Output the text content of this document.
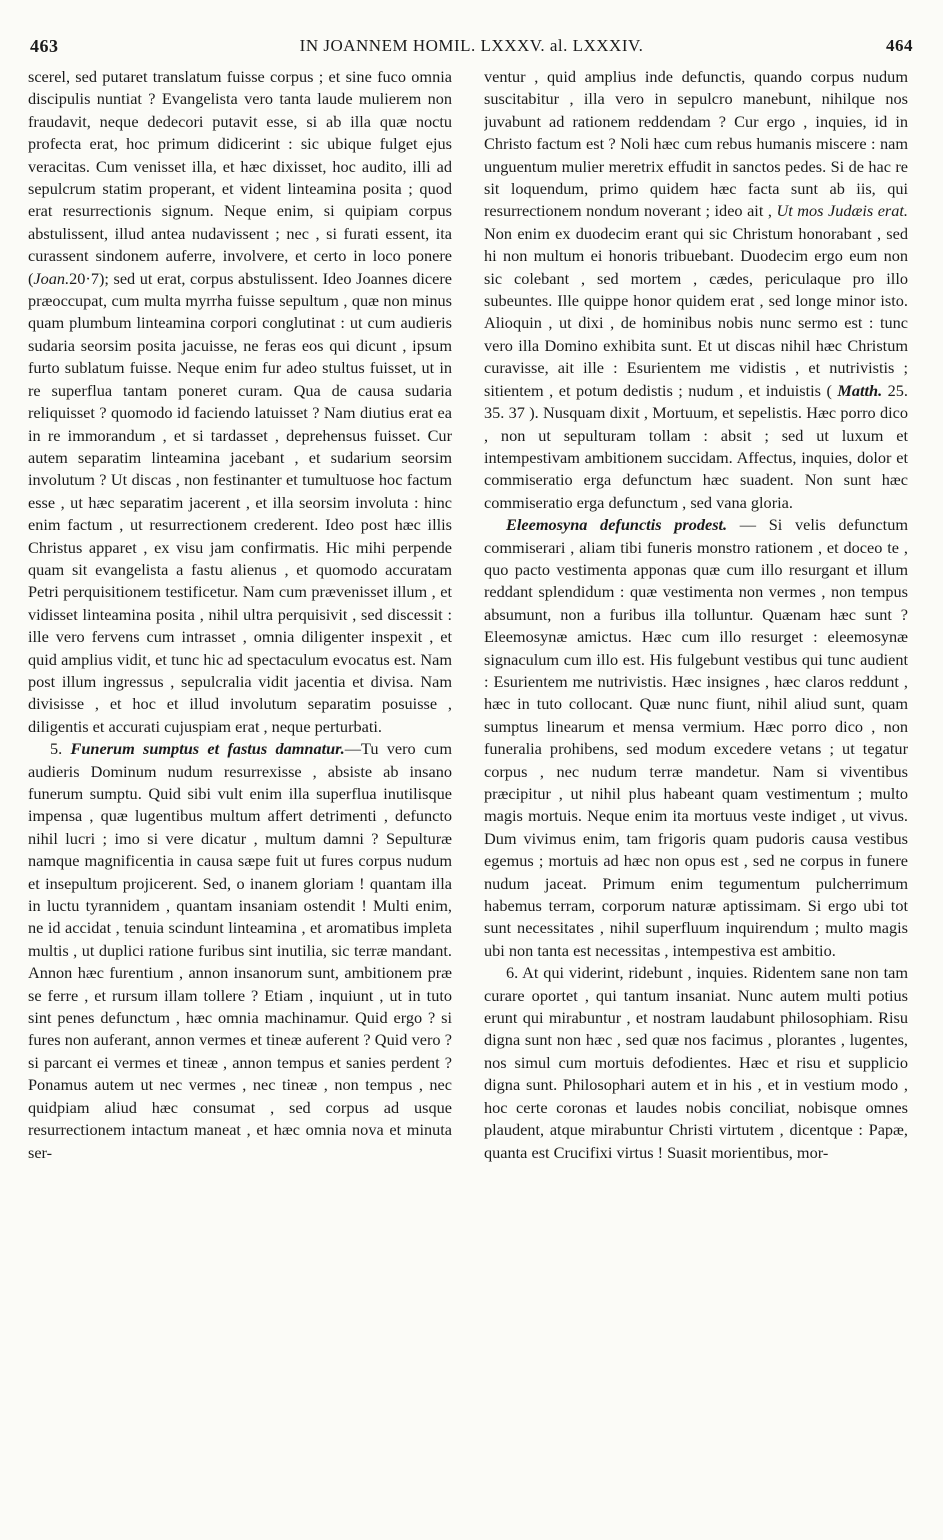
463	IN JOANNEM HOMIL. LXXXV. al. LXXXIV.	464

scerel, sed putaret translatum fuisse corpus ; et sine fuco omnia discipulis nuntiat ? Evangelista vero tanta laude mulierem non fraudavit, neque dedecori putavit esse, si ab illa quæ noctu profecta erat, hoc primum didicerint : sic ubique fulget ejus veracitas. Cum venisset illa, et hæc dixisset, hoc audito, illi ad sepulcrum statim properant, et vident linteamina posita ; quod erat resurrectionis signum. Neque enim, si quipiam corpus abstulissent, illud antea nudavissent ; nec , si furati essent, ita curassent sindonem auferre, involvere, et certo in loco ponere (Joan.20·7); sed ut erat, corpus abstulissent. Ideo Joannes dicere præoccupat, cum multa myrrha fuisse sepultum , quæ non minus quam plumbum linteamina corpori conglutinat : ut cum audieris sudaria seorsim posita jacuisse, ne feras eos qui dicunt , ipsum furto sublatum fuisse. Neque enim fur adeo stultus fuisset, ut in re superflua tantam poneret curam. Qua de causa sudaria reliquisset ? quomodo id faciendo latuisset ? Nam diutius erat ea in re immorandum , et si tardasset , deprehensus fuisset. Cur autem separatim linteamina jacebant , et sudarium seorsim involutum ? Ut discas , non festinanter et tumultuose hoc factum esse , ut hæc separatim jacerent , et illa seorsim involuta : hinc enim factum , ut resurrectionem crederent. Ideo post hæc illis Christus apparet , ex visu jam confirmatis. Hic mihi perpende quam sit evangelista a fastu alienus , et quomodo accuratam Petri perquisitionem testificetur. Nam cum prævenisset illum , et vidisset linteamina posita , nihil ultra perquisivit , sed discessit : ille vero fervens cum intrasset , omnia diligenter inspexit , et quid amplius vidit, et tunc hic ad spectaculum evocatus est. Nam post illum ingressus , sepulcralia vidit jacentia et divisa. Nam divisisse , et hoc et illud involutum separatim posuisse , diligentis et accurati cujuspiam erat , neque perturbati.

5. Funerum sumptus et fastus damnatur.—Tu vero cum audieris Dominum nudum resurrexisse , absiste ab insano funerum sumptu. Quid sibi vult enim illa superflua inutilisque impensa , quæ lugentibus multum affert detrimenti , defuncto nihil lucri ; imo si vere dicatur , multum damni ? Sepulturæ namque magnificentia in causa sæpe fuit ut fures corpus nudum et insepultum projicerent. Sed, o inanem gloriam ! quantam illa in luctu tyrannidem , quantam insaniam ostendit ! Multi enim, ne id accidat , tenuia scindunt linteamina , et aromatibus impleta multis , ut duplici ratione furibus sint inutilia, sic terræ mandant. Annon hæc furentium , annon insanorum sunt, ambitionem præ se ferre , et rursum illam tollere ? Etiam , inquiunt , ut in tuto sint penes defunctum , hæc omnia machinamur. Quid ergo ? si fures non auferant, annon vermes et tineæ auferent ? Quid vero ? si parcant ei vermes et tineæ , annon tempus et sanies perdent ? Ponamus autem ut nec vermes , nec tineæ , non tempus , nec quidpiam aliud hæc consumat , sed corpus ad usque resurrectionem intactum maneat , et hæc omnia nova et minuta ser-

ventur , quid amplius inde defunctis, quando corpus nudum suscitabitur , illa vero in sepulcro manebunt, nihilque nos juvabunt ad rationem reddendam ? Cur ergo , inquies, id in Christo factum est ? Noli hæc cum rebus humanis miscere : nam unguentum mulier meretrix effudit in sanctos pedes. Si de hac re sit loquendum, primo quidem hæc facta sunt ab iis, qui resurrectionem nondum noverant ; ideo ait , Ut mos Judæis erat. Non enim ex duodecim erant qui sic Christum honorabant , sed hi non multum ei honoris tribuebant. Duodecim ergo eum non sic colebant , sed mortem , cædes, periculaque pro illo subeuntes. Ille quippe honor quidem erat , sed longe minor isto. Alioquin , ut dixi , de hominibus nobis nunc sermo est : tunc vero illa Domino exhibita sunt. Et ut discas nihil hæc Christum curavisse, ait ille : Esurientem me vidistis , et nutrivistis ; sitientem , et potum dedistis ; nudum , et induistis ( Matth. 25. 35. 37 ). Nusquam dixit , Mortuum, et sepelistis. Hæc porro dico , non ut sepulturam tollam : absit ; sed ut luxum et intempestivam ambitionem succidam. Affectus, inquies, dolor et commiseratio erga defunctum hæc suadent. Non sunt hæc commiseratio erga defunctum , sed vana gloria.

Eleemosyna defunctis prodest. — Si velis defunctum commiserari , aliam tibi funeris monstro rationem , et doceo te , quo pacto vestimenta apponas quæ cum illo resurgant et illum reddant splendidum : quæ vestimenta non vermes , non tempus absumunt, non a furibus illa tolluntur. Quænam hæc sunt ? Eleemosynæ amictus. Hæc cum illo resurget : eleemosynæ signaculum cum illo est. His fulgebunt vestibus qui tunc audient : Esurientem me nutrivistis. Hæc insignes , hæc claros reddunt , hæc in tuto collocant. Quæ nunc fiunt, nihil aliud sunt, quam sumptus linearum et mensa vermium. Hæc porro dico , non funeralia prohibens, sed modum excedere vetans ; ut tegatur corpus , nec nudum terræ mandetur. Nam si viventibus præcipitur , ut nihil plus habeant quam vestimentum ; multo magis mortuis. Neque enim ita mortuus veste indiget , ut vivus. Dum vivimus enim, tam frigoris quam pudoris causa vestibus egemus ; mortuis ad hæc non opus est , sed ne corpus in funere nudum jaceat. Primum enim tegumentum pulcherrimum habemus terram, corporum naturæ aptissimam. Si ergo ubi tot sunt necessitates , nihil superfluum inquirendum ; multo magis ubi non tanta est necessitas , intempestiva est ambitio.

6. At qui viderint, ridebunt , inquies. Ridentem sane non tam curare oportet , qui tantum insaniat. Nunc autem multi potius erunt qui mirabuntur , et nostram laudabunt philosophiam. Risu digna sunt non hæc , sed quæ nos facimus , plorantes , lugentes, nos simul cum mortuis defodientes. Hæc et risu et supplicio digna sunt. Philosophari autem et in his , et in vestium modo , hoc certe coronas et laudes nobis conciliat, nobisque omnes plaudent, atque mirabuntur Christi virtutem , dicentque : Papæ, quanta est Crucifixi virtus ! Suasit morientibus, mor-
